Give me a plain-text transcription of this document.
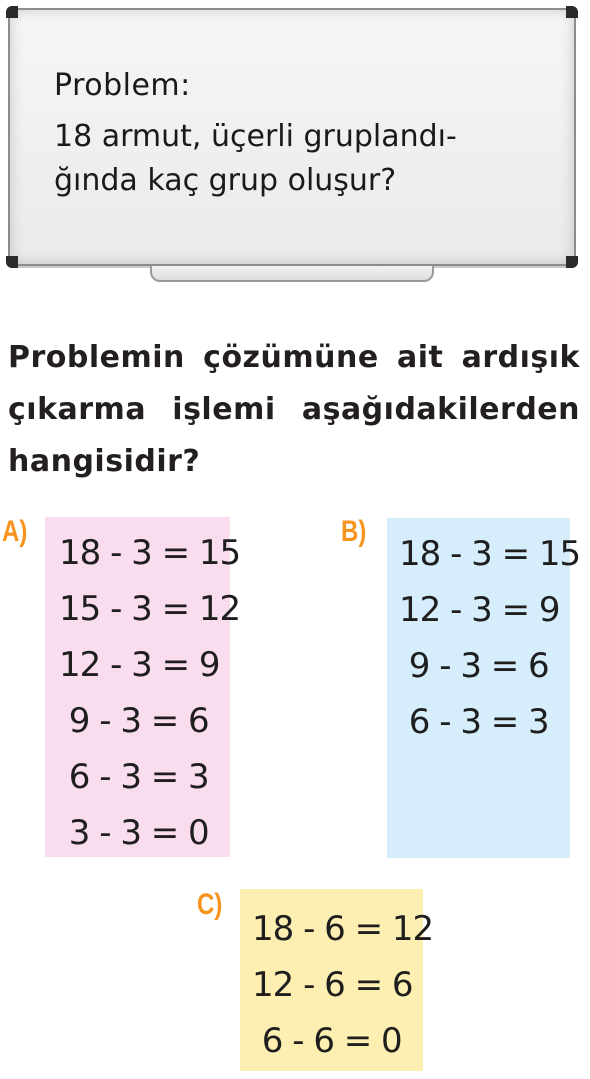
Problem:
18 armut, üçerli gruplandı-
ğında kaç grup oluşur?
Problemin çözümüne ait ardışık çıkarma işlemi aşağıdakilerden hangisidir?
A)
18 - 3 = 15
15 - 3 = 12
12 - 3 = 9
9 - 3 = 6
6 - 3 = 3
3 - 3 = 0
B)
18 - 3 = 15
12 - 3 = 9
9 - 3 = 6
6 - 3 = 3
C)
18 - 6 = 12
12 - 6 = 6
6 - 6 = 0
